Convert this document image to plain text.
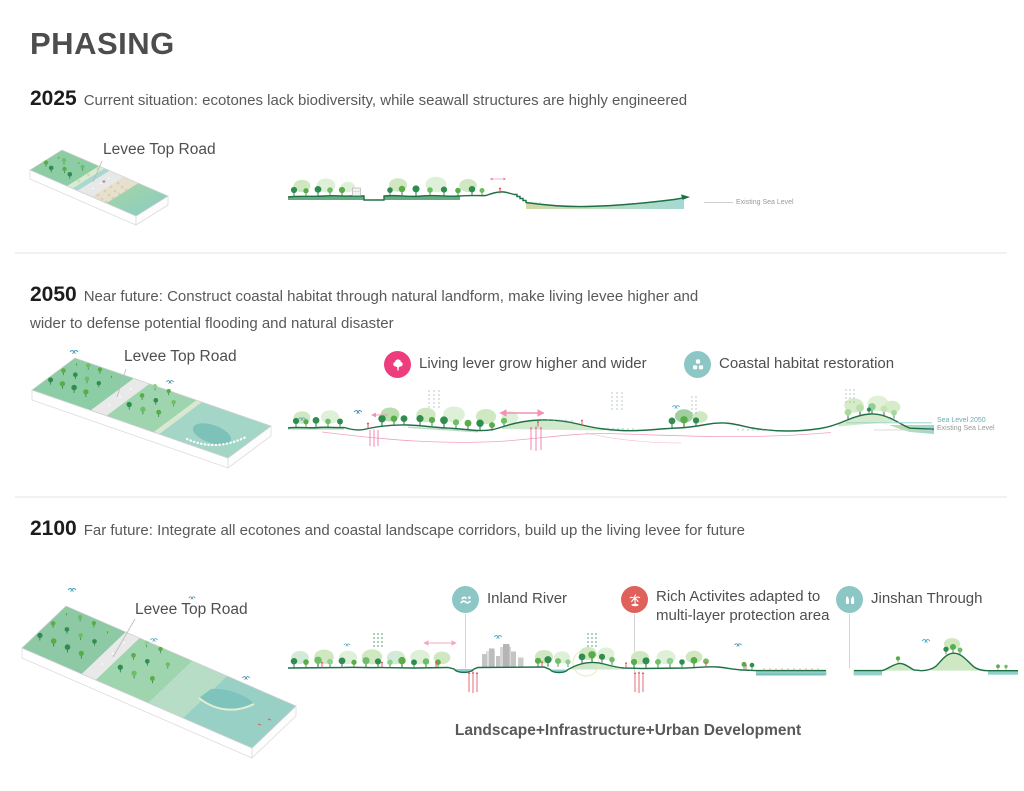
PHASING
2025 Current situation: ecotones lack biodiversity, while seawall structures are highly engineered
Levee Top Road
Existing Sea Level
2050 Near future: Construct coastal habitat through natural landform, make living levee higher and wider to defense potential flooding and natural disaster
Levee Top Road	Living lever grow higher and wider	Coastal habitat restoration
Sea Level 2050
Existing Sea Level
2100 Far future: Integrate all ecotones and coastal landscape corridors, build up the living levee for future
Levee Top Road
Inland River	Rich Activites adapted to multi-layer protection area
Jinshan Through
Landscape+Infrastructure+Urban Development
